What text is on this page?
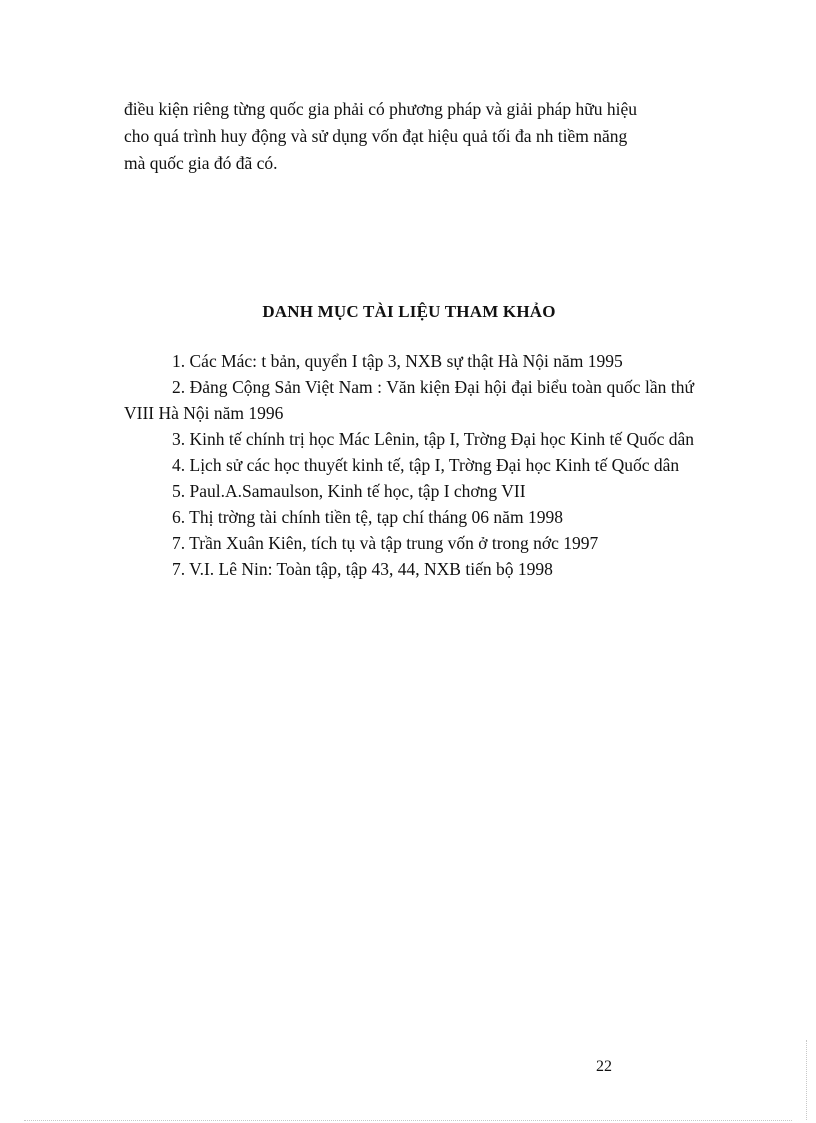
điều kiện riêng từng quốc gia phải có phương pháp và giải pháp hữu hiệu
cho quá trình huy động và sử dụng vốn đạt hiệu quả tối đa nh tiềm năng
mà quốc gia đó đã có.

DANH MỤC TÀI LIỆU THAM KHẢO
1. Các Mác: t bản, quyển I tập 3, NXB sự thật Hà Nội năm 1995
2. Đảng Cộng Sản Việt Nam : Văn kiện Đại hội đại biểu toàn quốc lần thứ VIII Hà Nội năm 1996
3. Kinh tế chính trị học Mác Lênin, tập I, Trờng Đại học Kinh tế Quốc dân
4. Lịch sử các học thuyết kinh tế, tập I, Trờng Đại học Kinh tế Quốc dân
5. Paul.A.Samaulson, Kinh tế học, tập I chơng VII
6. Thị trờng tài chính tiền tệ, tạp chí tháng 06 năm 1998
7. Trần Xuân Kiên, tích tụ và tập trung vốn ở trong nớc 1997
7. V.I. Lê Nin: Toàn tập, tập 43, 44, NXB tiến bộ 1998

22
